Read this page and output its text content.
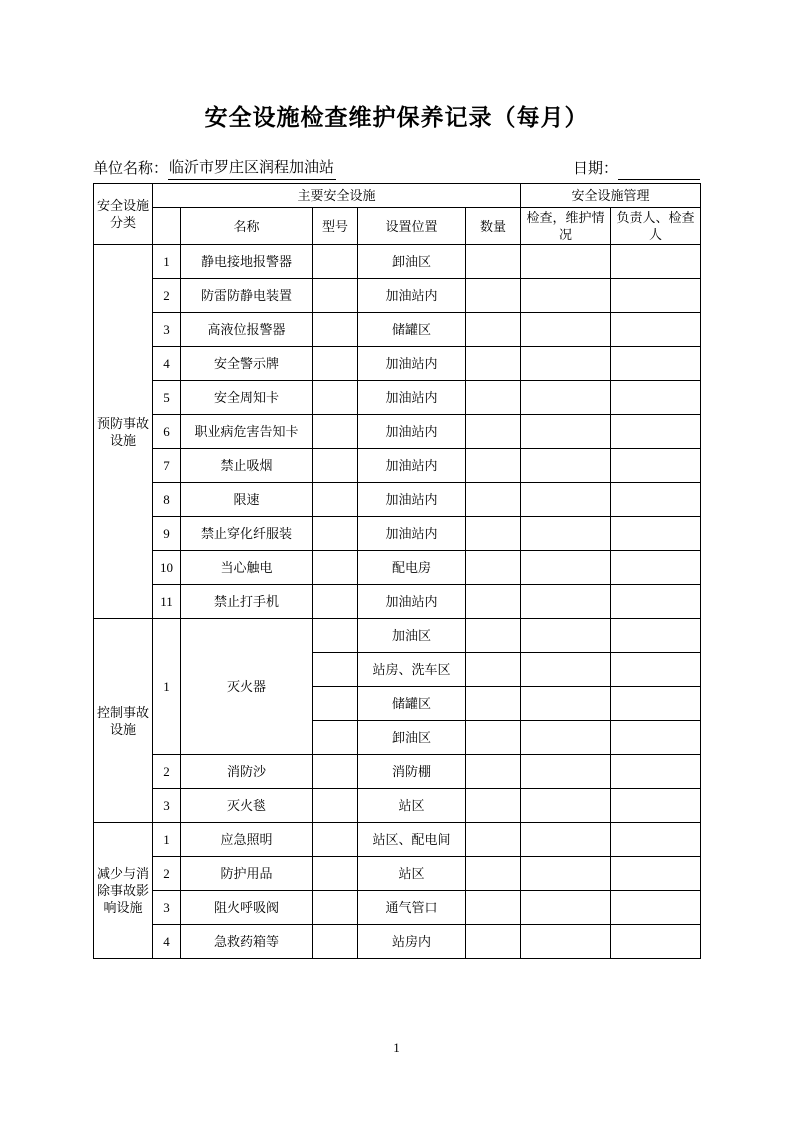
安全设施检查维护保养记录（每月）
单位名称： 临沂市罗庄区润程加油站	日期：
安全设施分类	主要安全设施					安全设施管理	
		名称	型号	设置位置	数量	检查，维护情况	负责人、检查人
预防事故设施	1	静电接地报警器		卸油区			
	2	防雷防静电装置		加油站内			
	3	高液位报警器		储罐区			
	4	安全警示牌		加油站内			
	5	安全周知卡		加油站内			
	6	职业病危害告知卡		加油站内			
	7	禁止吸烟		加油站内			
	8	限速		加油站内			
	9	禁止穿化纤服装		加油站内			
	10	当心触电		配电房			
	11	禁止打手机		加油站内			
控制事故设施	1	灭火器		加油区			
				站房、洗车区			
				储罐区			
				卸油区			
	2	消防沙		消防棚			
	3	灭火毯		站区			
减少与消除事故影响设施	1	应急照明		站区、配电间			
	2	防护用品		站区			
	3	阻火呼吸阀		通气管口			
	4	急救药箱等		站房内			
1
